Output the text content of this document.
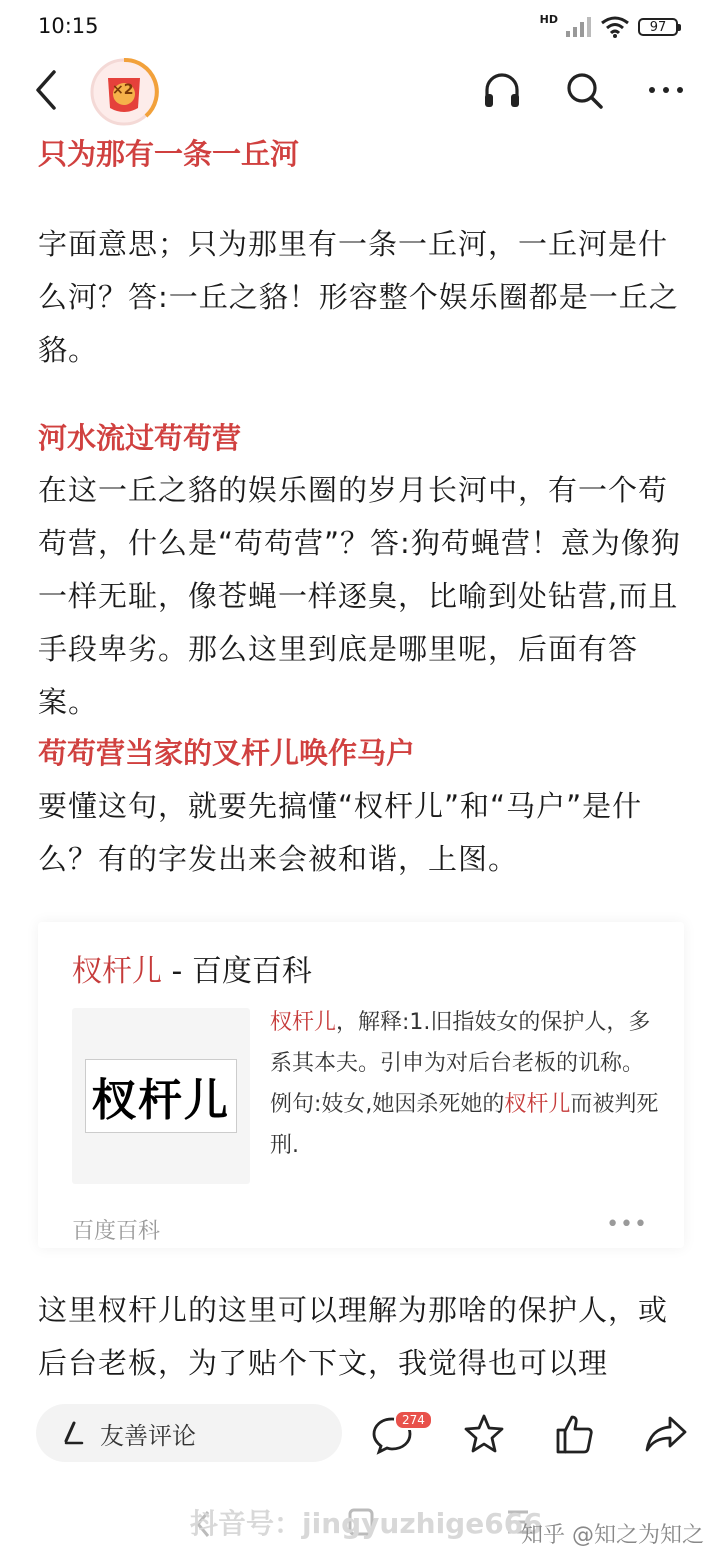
10:15	HD
97
×2
只为那有一条一丘河

字面意思；只为那里有一条一丘河，一丘河是什么河？答:一丘之貉！形容整个娱乐圈都是一丘之貉。

河水流过苟苟营

在这一丘之貉的娱乐圈的岁月长河中，有一个苟苟营，什么是“苟苟营”？答:狗苟蝇营！意为像狗一样无耻，像苍蝇一样逐臭，比喻到处钻营,而且手段卑劣。那么这里到底是哪里呢，后面有答案。

苟苟营当家的叉杆儿唤作马户

要懂这句，就要先搞懂“杈杆儿”和“马户”是什么？有的字发出来会被和谐，上图。

杈杆儿 - 百度百科
杈杆儿
杈杆儿，解释:1.旧指妓女的保护人，多系其本夫。引申为对后台老板的讥称。例句:妓女,她因杀死她的杈杆儿而被判死刑.
百度百科	•••

这里杈杆儿的这里可以理解为那啥的保护人，或后台老板，为了贴个下文，我觉得也可以理

友善评论
274
抖音号：jingyuzhige666
知乎 @知之为知之
